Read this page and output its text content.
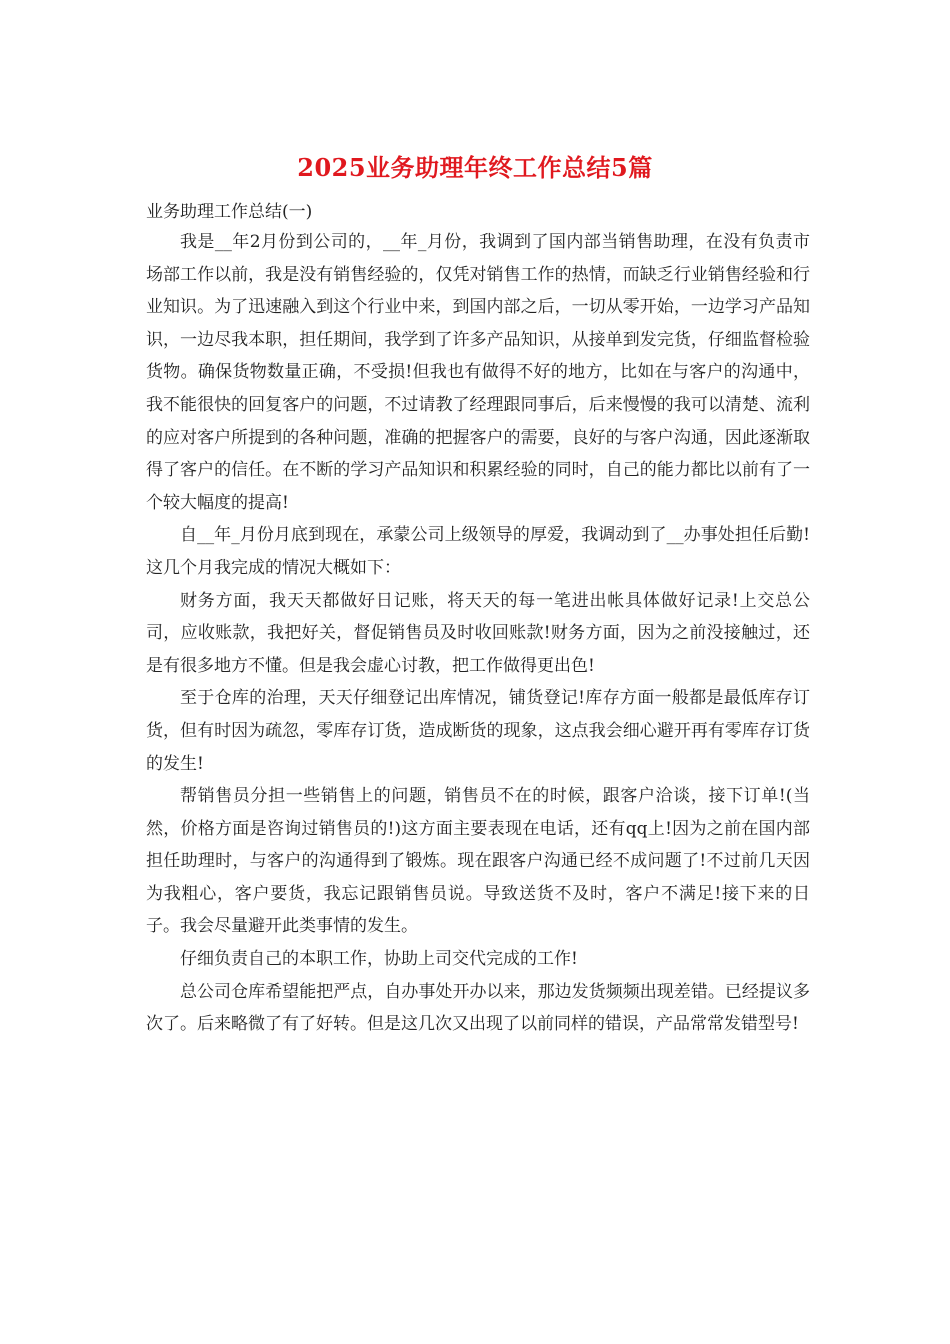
2025业务助理年终工作总结5篇
业务助理工作总结(一)

我是__年2月份到公司的，__年_月份，我调到了国内部当销售助理，在没有负责市场部工作以前，我是没有销售经验的，仅凭对销售工作的热情，而缺乏行业销售经验和行业知识。为了迅速融入到这个行业中来，到国内部之后，一切从零开始，一边学习产品知识，一边尽我本职，担任期间，我学到了许多产品知识，从接单到发完货，仔细监督检验货物。确保货物数量正确，不受损!但我也有做得不好的地方，比如在与客户的沟通中，我不能很快的回复客户的问题，不过请教了经理跟同事后，后来慢慢的我可以清楚、流利的应对客户所提到的各种问题，准确的把握客户的需要，良好的与客户沟通，因此逐渐取得了客户的信任。在不断的学习产品知识和积累经验的同时，自己的能力都比以前有了一个较大幅度的提高!

自__年_月份月底到现在，承蒙公司上级领导的厚爱，我调动到了__办事处担任后勤!这几个月我完成的情况大概如下：

财务方面，我天天都做好日记账，将天天的每一笔进出帐具体做好记录!上交总公司，应收账款，我把好关，督促销售员及时收回账款!财务方面，因为之前没接触过，还是有很多地方不懂。但是我会虚心讨教，把工作做得更出色!

至于仓库的治理，天天仔细登记出库情况，铺货登记!库存方面一般都是最低库存订货，但有时因为疏忽，零库存订货，造成断货的现象，这点我会细心避开再有零库存订货的发生!

帮销售员分担一些销售上的问题，销售员不在的时候，跟客户洽谈，接下订单!(当然，价格方面是咨询过销售员的!)这方面主要表现在电话，还有qq上!因为之前在国内部担任助理时，与客户的沟通得到了锻炼。现在跟客户沟通已经不成问题了!不过前几天因为我粗心，客户要货，我忘记跟销售员说。导致送货不及时，客户不满足!接下来的日子。我会尽量避开此类事情的发生。

仔细负责自己的本职工作，协助上司交代完成的工作!

总公司仓库希望能把严点，自办事处开办以来，那边发货频频出现差错。已经提议多次了。后来略微了有了好转。但是这几次又出现了以前同样的错误，产品常常发错型号!
